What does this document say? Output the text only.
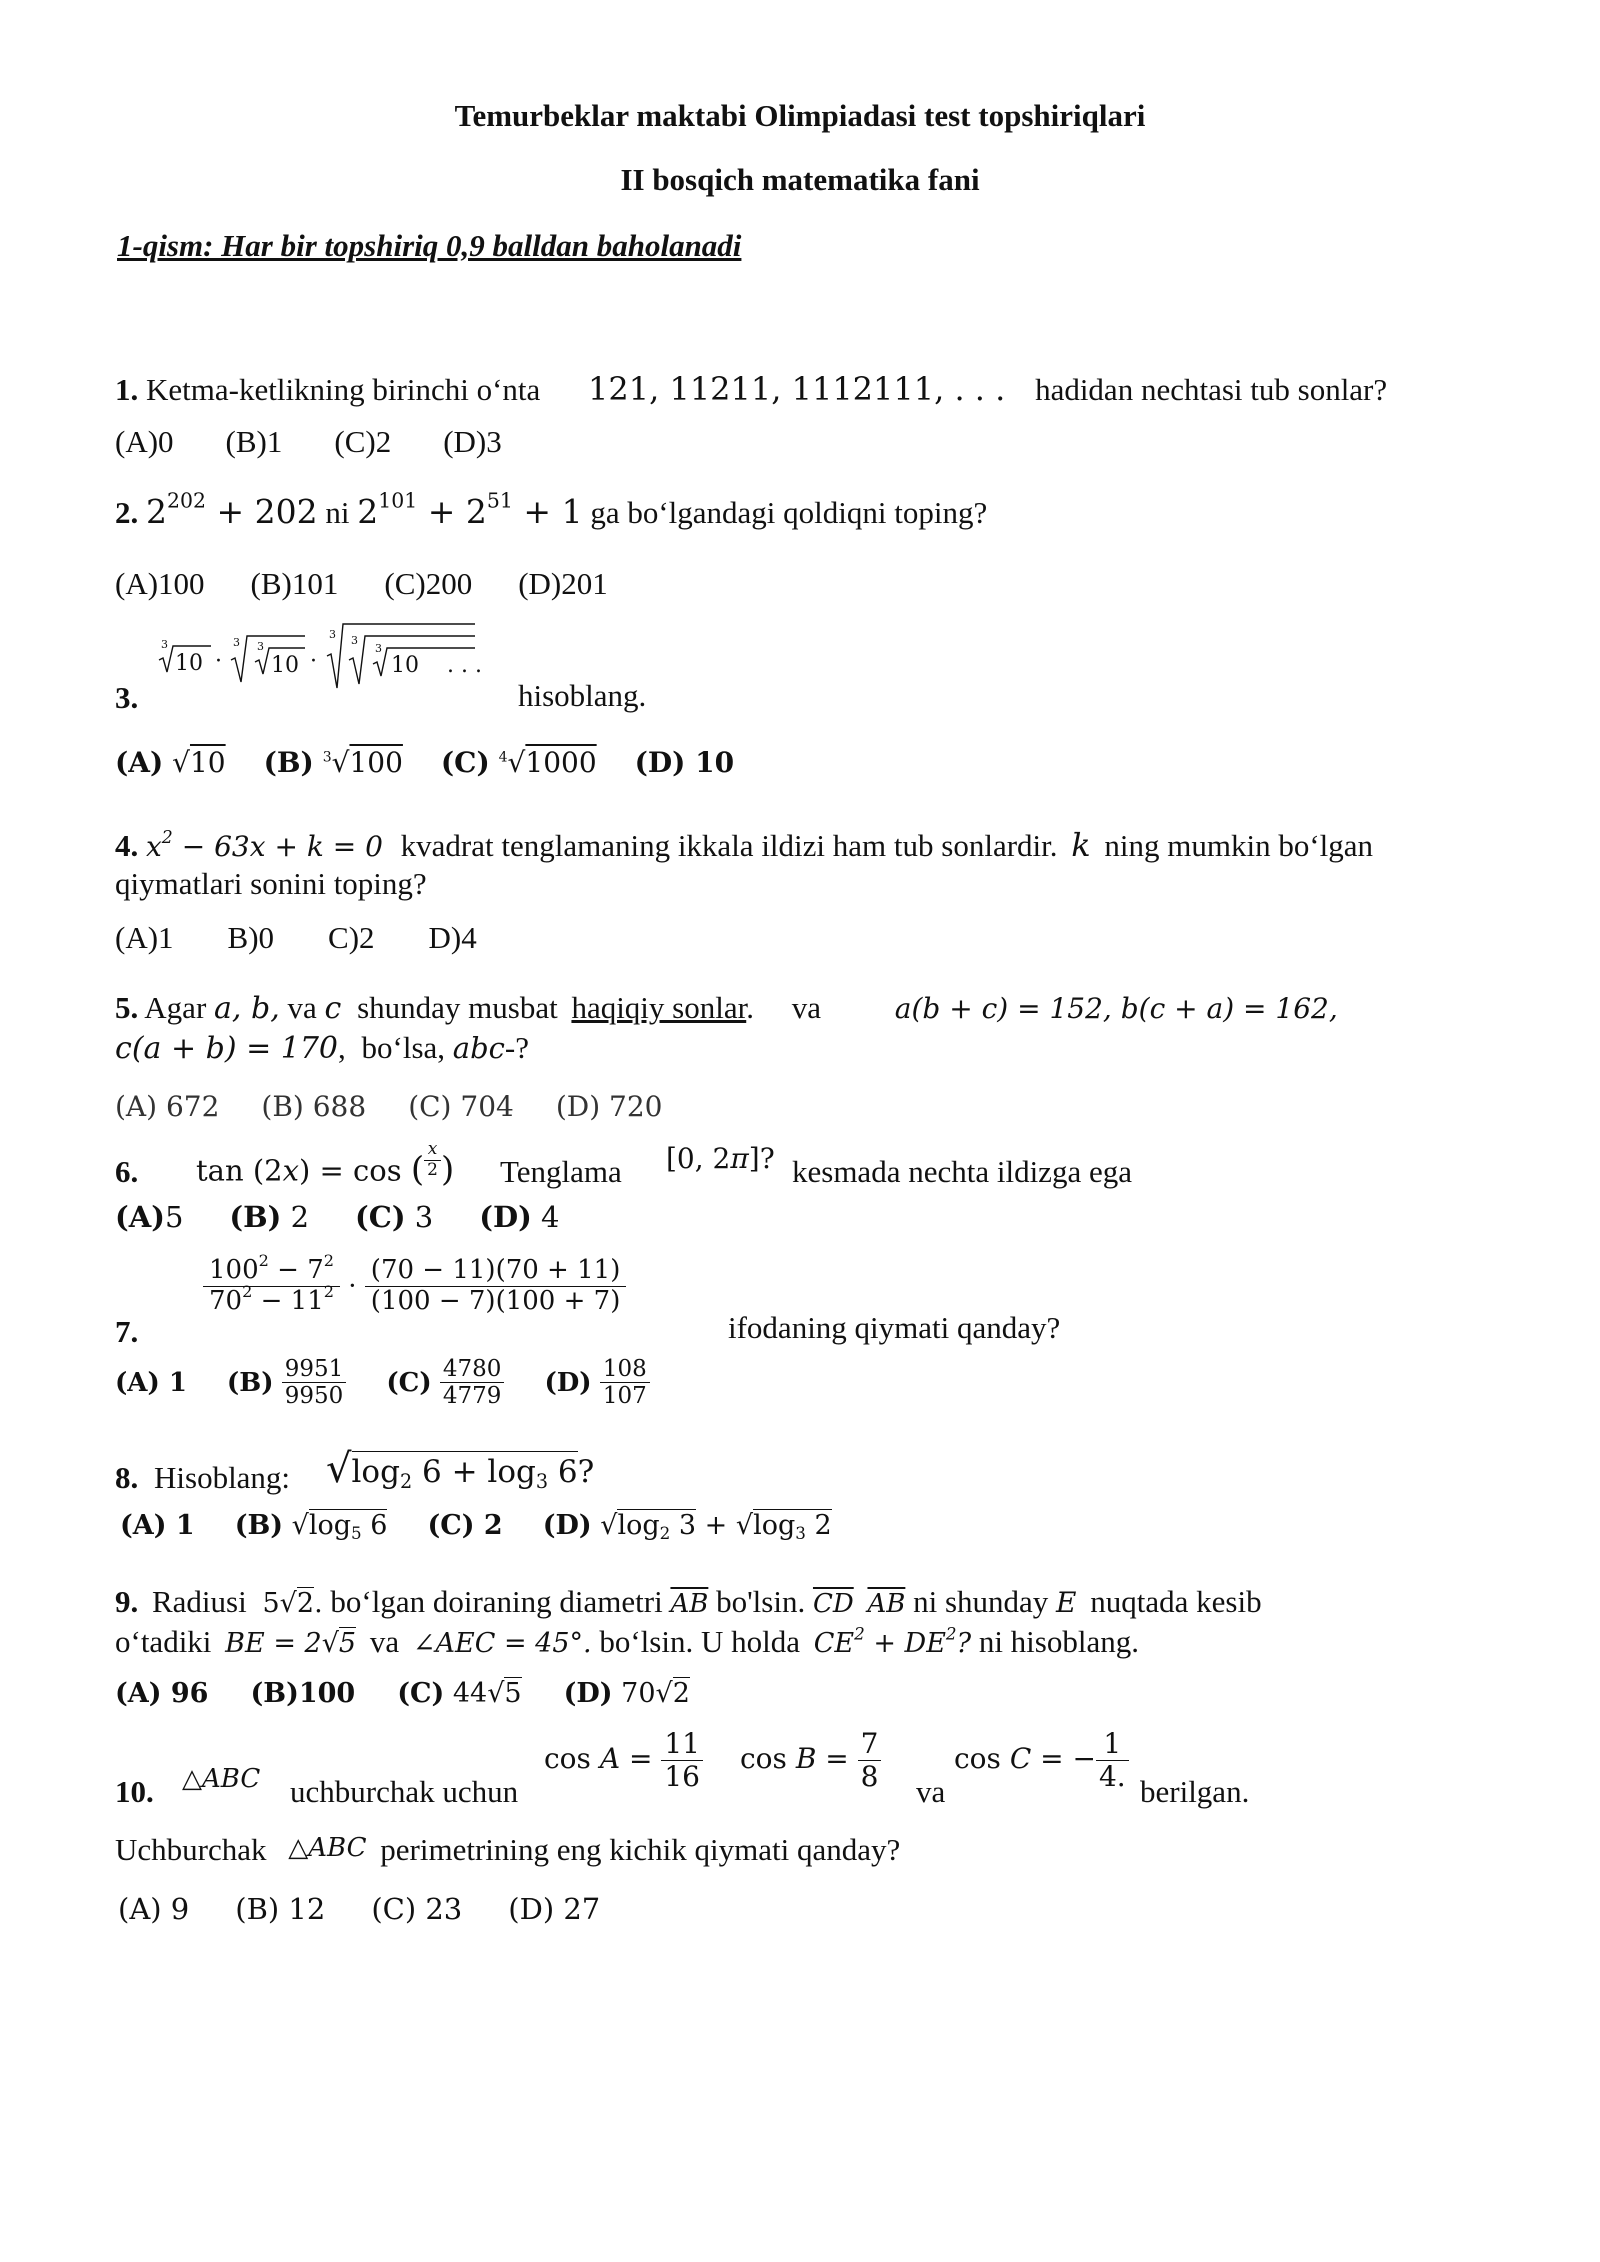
Temurbeklar maktabi Olimpiadasi test topshiriqlari
II bosqich matematika fani
1-qism: Har bir topshiriq 0,9 balldan baholanadi
1. Ketma-ketlikning birinchi o‘nta 121, 11211, 1112111, . . . hadidan nechtasi tub sonlar?
(A)0 (B)1 (C)2 (D)3
2. $2^{202} + 202$ ni $2^{101} + 2^{51} + 1$ ga bo‘lgandagi qoldiqni toping?
(A)100 (B)101 (C)200 (D)201
3.
3
10 ·
3 3
10 ·
3 3
3
10 . . .
hisoblang.
(A) √10 (B) $^3$√100 (C) $^4$√1000 (D) 10
4. $x^2 - 63x + k = 0$ kvadrat tenglamaning ikkala ildizi ham tub sonlardir. k ning mumkin bo‘lgan
qiymatlari sonini toping?
(A)1 B)0 C)2 D)4
5. Agar a, b, va c shunday musbat haqiqiy sonlar. va	a(b + c) = 152, b(c + a) = 162,
c(a + b) = 170, bo‘lsa, abc-?
(A) 672 (B) 688 (C) 704 (D) 720
6. tan (2x) = cos ( $\frac{x}{2}$ ) Tenglama [0, 2π]? kesmada nechta ildizga ega
(A)5 (B) 2 (C) 3 (D) 4
7.
$\frac{100^2 - 7^2}{70^2 - 11^2} \cdot \frac{(70 - 11)(70 + 11)}{(100 - 7)(100 + 7)}$
ifodaning qiymati qanday?
(A) 1 $(B) \frac{9951}{9950} (C) \frac{4780}{4779} (D) \frac{108}{107}$
8. Hisoblang: $√\log_2$ $6 + \log_3 6$?
(A) 1 (B) $√\log_5$ 6 (C) 2 (D) $√\log_2$ $3 + √\log_3$ 2
9. Radiusi 5√2. bo‘lgan doiraning diametri $\overline{AB}$ bo'lsin. $\overline{CD}$ $\overline{AB}$ ni shunday E nuqtada kesib
o‘tadiki BE = 2√5 va ∠AEC = 45°. bo‘lsin. U holda $CE^2 + DE^2$? ni hisoblang.
(A) 96 (B)100 (C) 44√5 (D) 70√2
10. △ABC uchburchak uchun
$\cos A = \frac{11}{16}$ $\cos B = \frac{7}{8}$ va
cos C = − $\frac{1}{4.}$ berilgan.
Uchburchak △ABC perimetrining eng kichik qiymati qanday?
(A) 9 (B) 12 (C) 23 (D) 27
